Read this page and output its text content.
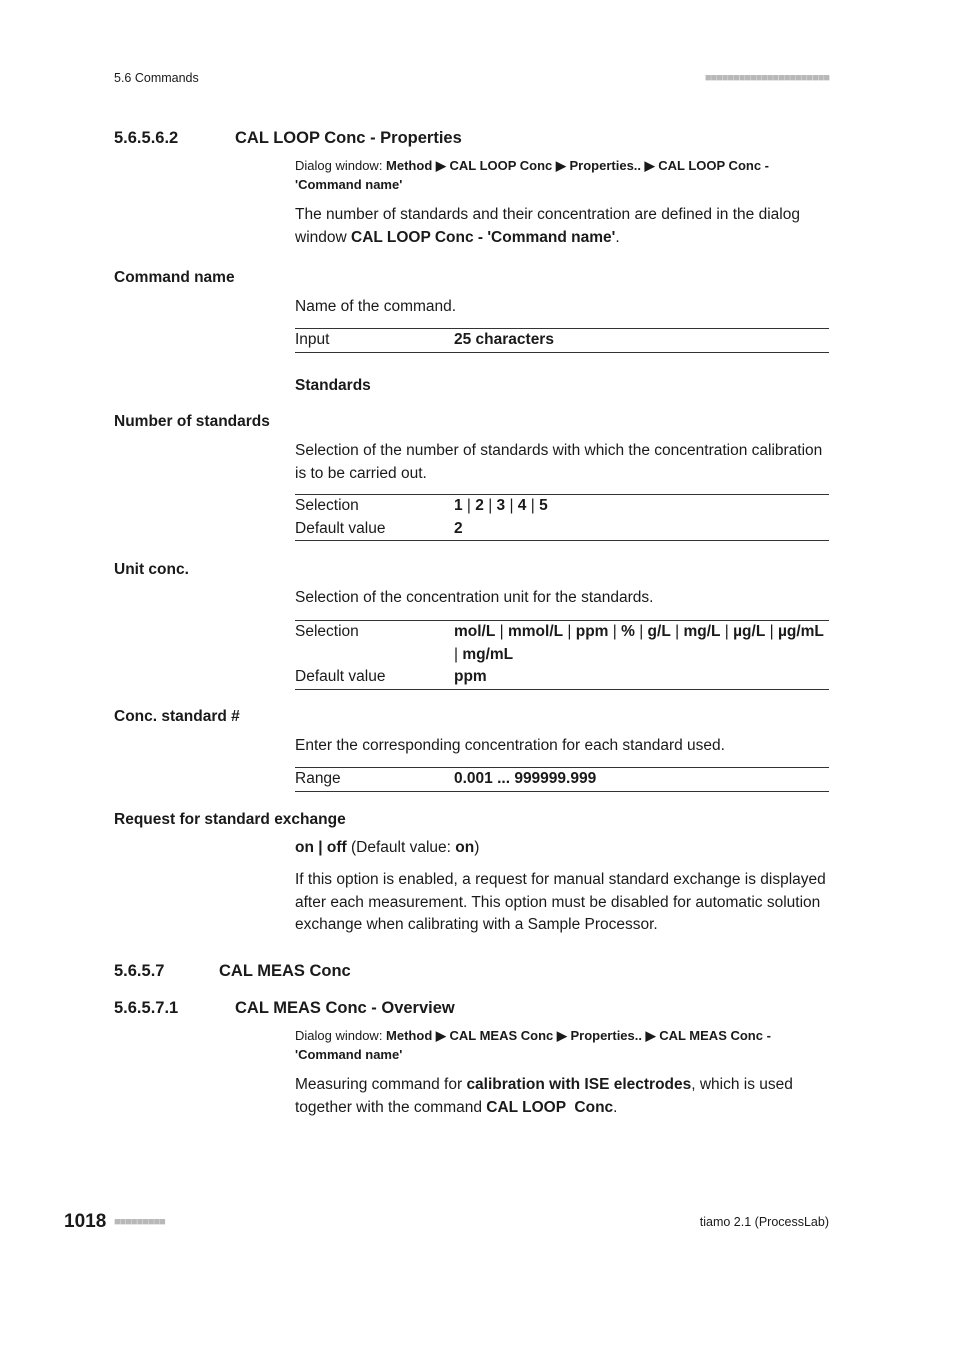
5.6 Commands	■■■■■■■■■■■■■■■■■■■■■■
5.6.5.6.2	CAL LOOP Conc - Properties
Dialog window: Method ▶ CAL LOOP Conc ▶ Properties.. ▶ CAL LOOP Conc - 'Command name'
The number of standards and their concentration are defined in the dialog window CAL LOOP Conc - 'Command name'.
Command name
Name of the command.
Input	25 characters
Standards
Number of standards
Selection of the number of standards with which the concentration calibration is to be carried out.
Selection	1 | 2 | 3 | 4 | 5
Default value	2
Unit conc.
Selection of the concentration unit for the standards.
Selection	mol/L | mmol/L | ppm | % | g/L | mg/L | µg/L | µg/mL | mg/mL
Default value	ppm
Conc. standard #
Enter the corresponding concentration for each standard used.
Range	0.001 ... 999999.999
Request for standard exchange
on | off (Default value: on)
If this option is enabled, a request for manual standard exchange is displayed after each measurement. This option must be disabled for automatic solution exchange when calibrating with a Sample Processor.
5.6.5.7	CAL MEAS Conc
5.6.5.7.1	CAL MEAS Conc - Overview
Dialog window: Method ▶ CAL MEAS Conc ▶ Properties.. ▶ CAL MEAS Conc - 'Command name'
Measuring command for calibration with ISE electrodes, which is used together with the command CAL LOOP  Conc.
1018 ■■■■■■■■■	tiamo 2.1 (ProcessLab)
